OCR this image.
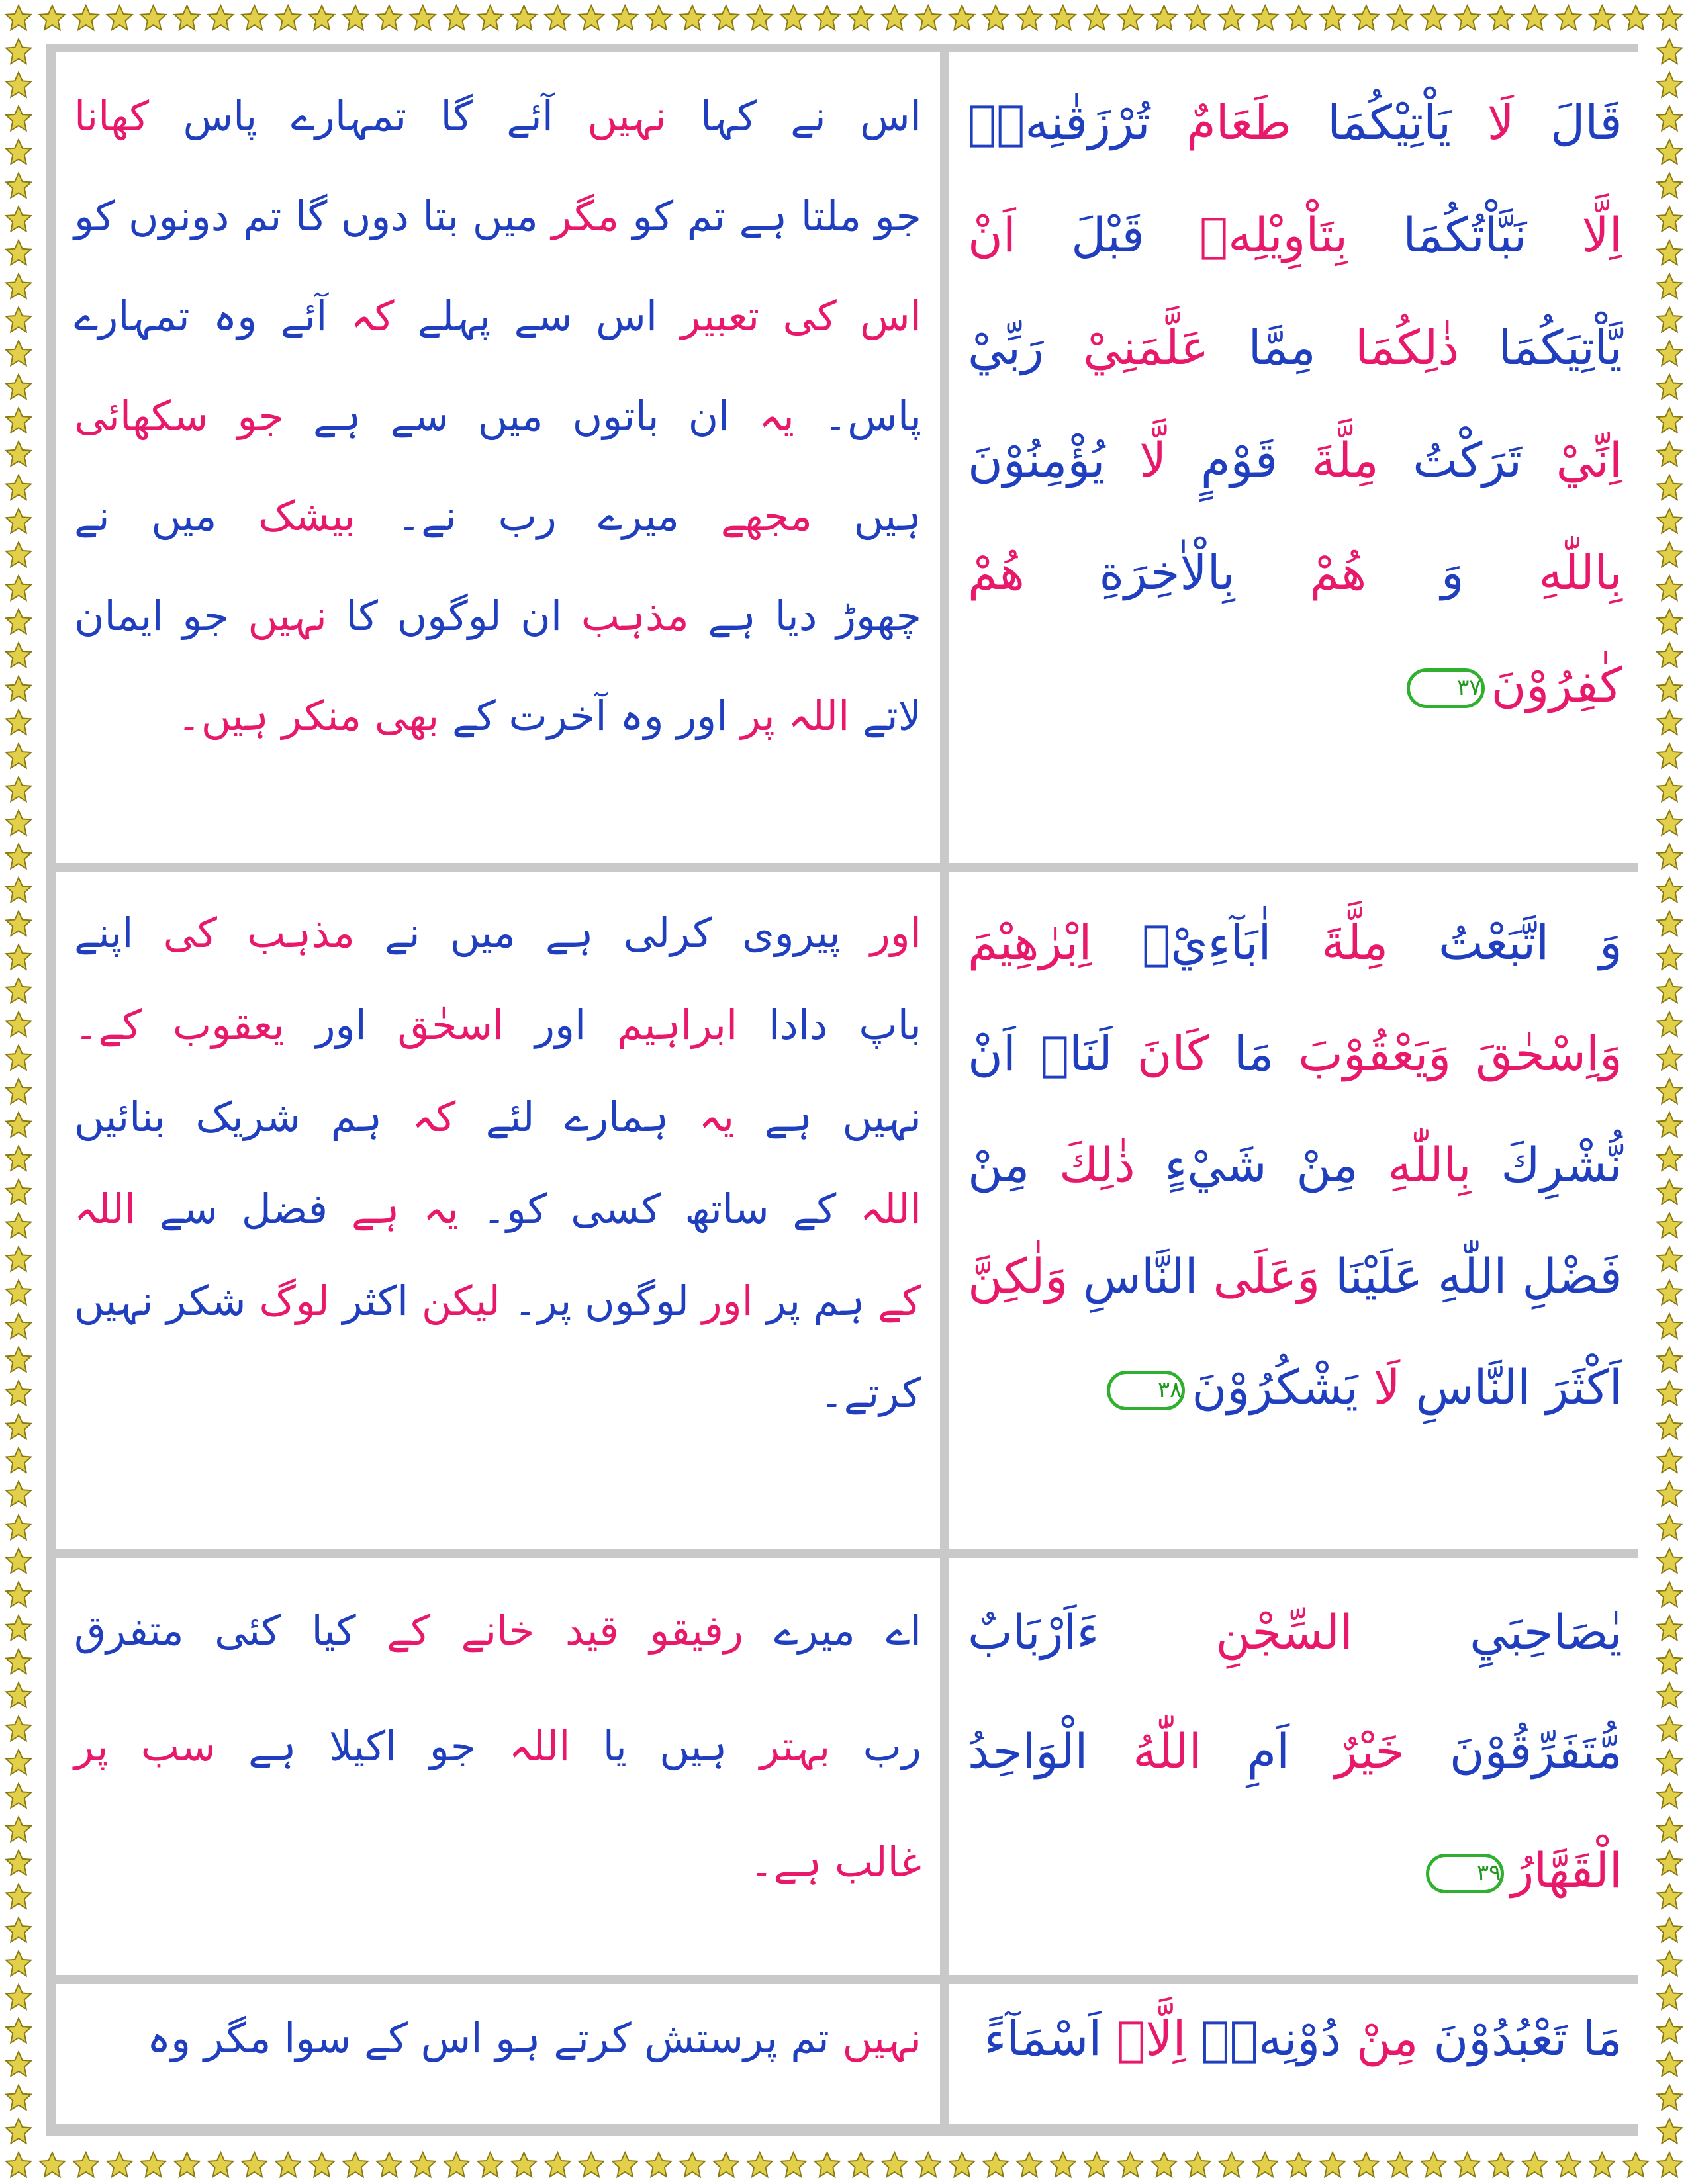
اس نے کہا نہیں آئے گا تمہارے پاس کھانا
جو ملتا ہے تم کو مگر میں بتا دوں گا تم دونوں کو
اس کی تعبیر اس سے پہلے کہ آئے وہ تمہارے
پاس۔ یہ ان باتوں میں سے ہے جو سکھائی
ہیں مجھے میرے رب نے۔ بیشک میں نے
چھوڑ دیا ہے مذہب ان لوگوں کا نہیں جو ایمان
لاتے اللہ پر اور وہ آخرت کے بھی منکر ہیں۔
قَالَ لَا يَاْتِيْكُمَا طَعَامٌ تُرْزَقٰنِهٖۤ
اِلَّا نَبَّاْتُكُمَا بِتَاْوِيْلِهٖ قَبْلَ اَنْ
يَّاْتِيَكُمَا ذٰلِكُمَا مِمَّا عَلَّمَنِيْ رَبِّيْ
اِنِّيْ تَرَكْتُ مِلَّةَ قَوْمٍ لَّا يُؤْمِنُوْنَ
بِاللّٰهِ وَ هُمْ بِالْاٰخِرَةِ هُمْ
كٰفِرُوْنَ۳۷
اور پیروی کرلی ہے میں نے مذہب کی اپنے
باپ دادا ابراہیم اور اسحٰق اور یعقوب کے۔
نہیں ہے یہ ہمارے لئے کہ ہم شریک بنائیں
اللہ کے ساتھ کسی کو۔ یہ ہے فضل سے اللہ
کے ہم پر اور لوگوں پر۔ لیکن اکثر لوگ شکر نہیں
کرتے۔
وَ اتَّبَعْتُ مِلَّةَ اٰبَآءِيْۤ اِبْرٰهِيْمَ
وَاِسْحٰقَ وَيَعْقُوْبَ مَا كَانَ لَنَاۤ اَنْ
نُّشْرِكَ بِاللّٰهِ مِنْ شَيْءٍ ذٰلِكَ مِنْ
فَضْلِ اللّٰهِ عَلَيْنَا وَعَلَى النَّاسِ وَلٰكِنَّ
اَكْثَرَ النَّاسِ لَا يَشْكُرُوْنَ۳۸
اے میرے رفیقو قید خانے کے کیا کئی متفرق
رب بہتر ہیں یا اللہ جو اکیلا ہے سب پر
غالب ہے۔
يٰصَاحِبَيِ السِّجْنِ ءَاَرْبَابٌ
مُّتَفَرِّقُوْنَ خَيْرٌ اَمِ اللّٰهُ الْوَاحِدُ
الْقَهَّارُ۳۹
نہیں تم پرستش کرتے ہو اس کے سوا مگر وہ	مَا تَعْبُدُوْنَ مِنْ دُوْنِهٖۤ اِلَّاۤ اَسْمَآءً
